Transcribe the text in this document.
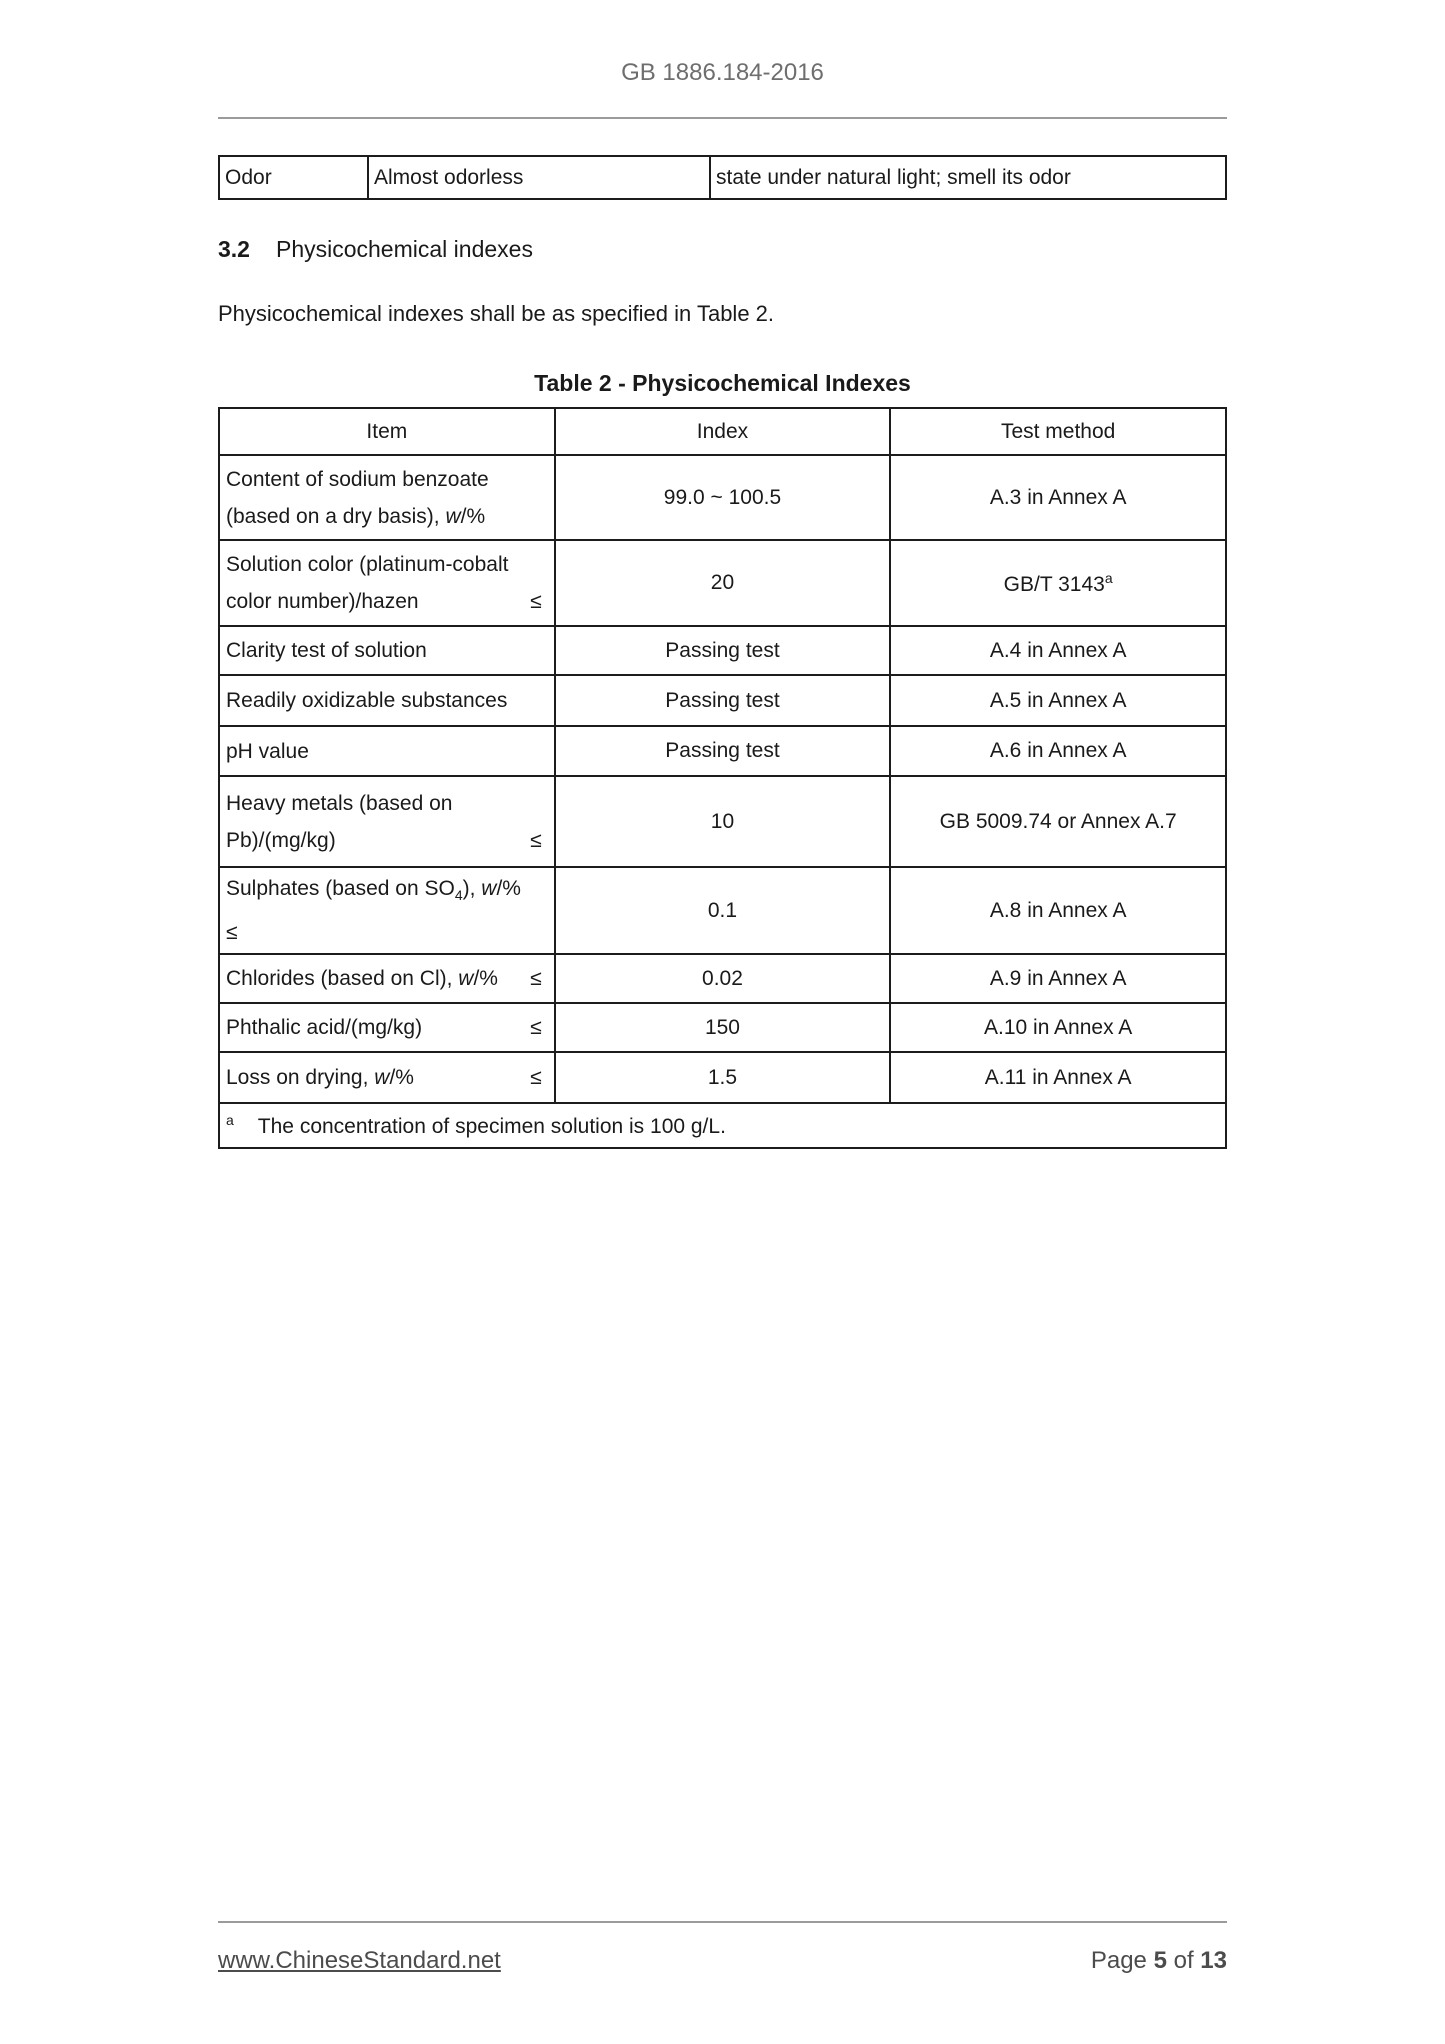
GB 1886.184-2016
Odor	Almost odorless	state under natural light; smell its odor
3.2 Physicochemical indexes
Physicochemical indexes shall be as specified in Table 2.
Table 2 - Physicochemical Indexes
Item	Index	Test method

Content of sodium benzoate
(based on a dry basis), w/%	99.0 ~ 100.5	A.3 in Annex A

Solution color (platinum-cobalt
color number)/hazen ≤	20	GB/T 3143$^a$
Clarity test of solution	Passing test	A.4 in Annex A
Readily oxidizable substances	Passing test	A.5 in Annex A
pH value	Passing test	A.6 in Annex A

Heavy metals (based on
Pb)/(mg/kg) ≤	10	GB 5009.74 or Annex A.7

Sulphates (based on $SO_4$), w/%
≤	0.1	A.8 in Annex A

Chlorides (based on Cl), w/% ≤	0.02	A.9 in Annex A

Phthalic acid/(mg/kg) ≤	150	A.10 in Annex A

Loss on drying, w/% ≤	1.5	A.11 in Annex A
$^a$ The concentration of specimen solution is 100 g/L.		
www.ChineseStandard.net	Page 5 of 13
